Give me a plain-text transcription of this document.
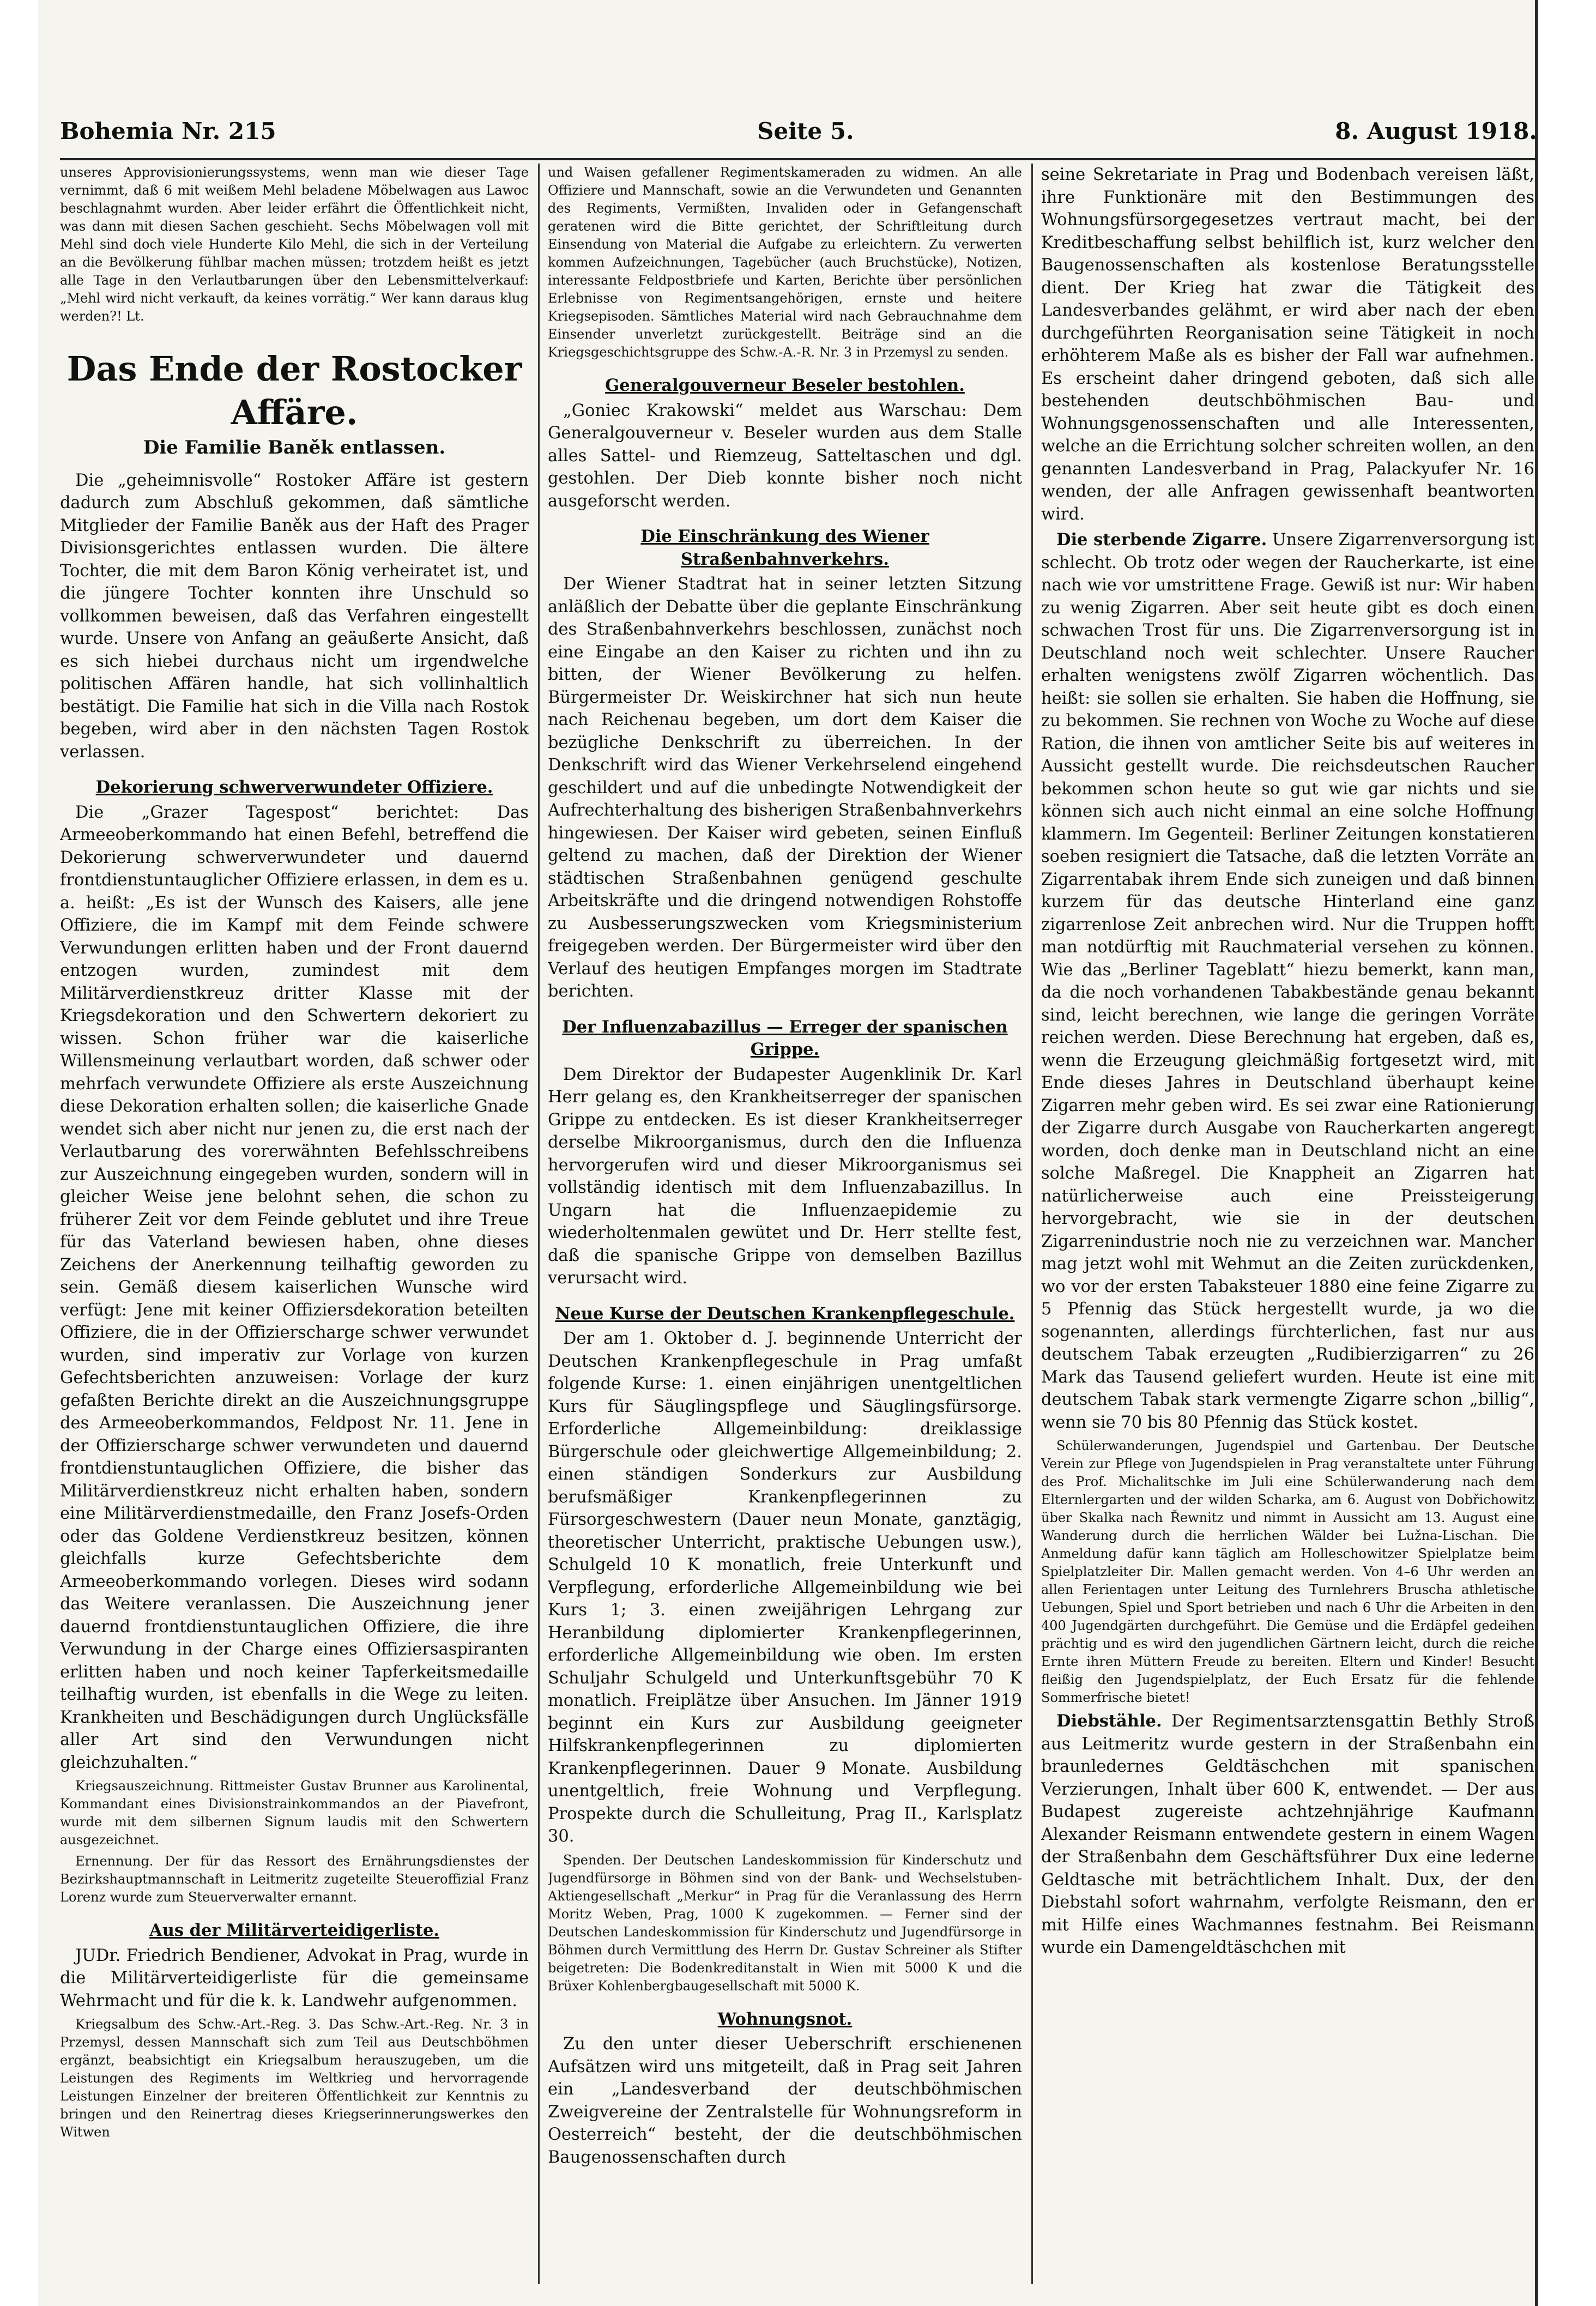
Bohemia Nr. 215	Seite 5.	8. August 1918.

unseres Approvisionierungssystems, wenn man wie dieser Tage vernimmt, daß 6 mit weißem Mehl beladene Möbelwagen aus Lawoc beschlagnahmt wurden. Aber leider erfährt die Öffentlichkeit nicht, was dann mit diesen Sachen geschieht. Sechs Möbelwagen voll mit Mehl sind doch viele Hunderte Kilo Mehl, die sich in der Verteilung an die Bevölkerung fühlbar machen müssen; trotzdem heißt es jetzt alle Tage in den Verlautbarungen über den Lebensmittelverkauf: „Mehl wird nicht verkauft, da keines vorrätig.“ Wer kann daraus klug werden?! Lt.

Das Ende der Rostocker Affäre.
Die Familie Baněk entlassen.

Die „geheimnisvolle“ Rostoker Affäre ist gestern dadurch zum Abschluß gekommen, daß sämtliche Mitglieder der Familie Baněk aus der Haft des Prager Divisionsgerichtes entlassen wurden. Die ältere Tochter, die mit dem Baron König verheiratet ist, und die jüngere Tochter konnten ihre Unschuld so vollkommen beweisen, daß das Verfahren eingestellt wurde. Unsere von Anfang an geäußerte Ansicht, daß es sich hiebei durchaus nicht um irgendwelche politischen Affären handle, hat sich vollinhaltlich bestätigt. Die Familie hat sich in die Villa nach Rostok begeben, wird aber in den nächsten Tagen Rostok verlassen.

Dekorierung schwerverwundeter Offiziere.

Die „Grazer Tagespost“ berichtet: Das Armeeoberkommando hat einen Befehl, betreffend die Dekorierung schwerverwundeter und dauernd frontdienstuntauglicher Offiziere erlassen, in dem es u. a. heißt: „Es ist der Wunsch des Kaisers, alle jene Offiziere, die im Kampf mit dem Feinde schwere Verwundungen erlitten haben und der Front dauernd entzogen wurden, zumindest mit dem Militärverdienstkreuz dritter Klasse mit der Kriegsdekoration und den Schwertern dekoriert zu wissen. Schon früher war die kaiserliche Willensmeinung verlautbart worden, daß schwer oder mehrfach verwundete Offiziere als erste Auszeichnung diese Dekoration erhalten sollen; die kaiserliche Gnade wendet sich aber nicht nur jenen zu, die erst nach der Verlautbarung des vorerwähnten Befehlsschreibens zur Auszeichnung eingegeben wurden, sondern will in gleicher Weise jene belohnt sehen, die schon zu früherer Zeit vor dem Feinde geblutet und ihre Treue für das Vaterland bewiesen haben, ohne dieses Zeichens der Anerkennung teilhaftig geworden zu sein. Gemäß diesem kaiserlichen Wunsche wird verfügt: Jene mit keiner Offiziersdekoration beteilten Offiziere, die in der Offizierscharge schwer verwundet wurden, sind imperativ zur Vorlage von kurzen Gefechtsberichten anzuweisen: Vorlage der kurz gefaßten Berichte direkt an die Auszeichnungsgruppe des Armeeoberkommandos, Feldpost Nr. 11. Jene in der Offizierscharge schwer verwundeten und dauernd frontdienstuntauglichen Offiziere, die bisher das Militärverdienstkreuz nicht erhalten haben, sondern eine Militärverdienstmedaille, den Franz Josefs-Orden oder das Goldene Verdienstkreuz besitzen, können gleichfalls kurze Gefechtsberichte dem Armeeoberkommando vorlegen. Dieses wird sodann das Weitere veranlassen. Die Auszeichnung jener dauernd frontdienstuntauglichen Offiziere, die ihre Verwundung in der Charge eines Offiziersaspiranten erlitten haben und noch keiner Tapferkeitsmedaille teilhaftig wurden, ist ebenfalls in die Wege zu leiten. Krankheiten und Beschädigungen durch Unglücksfälle aller Art sind den Verwundungen nicht gleichzuhalten.“

Kriegsauszeichnung. Rittmeister Gustav Brunner aus Karolinental, Kommandant eines Divisionstrainkommandos an der Piavefront, wurde mit dem silbernen Signum laudis mit den Schwertern ausgezeichnet.

Ernennung. Der für das Ressort des Ernährungsdienstes der Bezirkshauptmannschaft in Leitmeritz zugeteilte Steueroffizial Franz Lorenz wurde zum Steuerverwalter ernannt.

Aus der Militärverteidigerliste.

JUDr. Friedrich Bendiener, Advokat in Prag, wurde in die Militärverteidigerliste für die gemeinsame Wehrmacht und für die k. k. Landwehr aufgenommen.

Kriegsalbum des Schw.-Art.-Reg. 3. Das Schw.-Art.-Reg. Nr. 3 in Przemysl, dessen Mannschaft sich zum Teil aus Deutschböhmen ergänzt, beabsichtigt ein Kriegsalbum herauszugeben, um die Leistungen des Regiments im Weltkrieg und hervorragende Leistungen Einzelner der breiteren Öffentlichkeit zur Kenntnis zu bringen und den Reinertrag dieses Kriegserinnerungswerkes den Witwen

und Waisen gefallener Regimentskameraden zu widmen. An alle Offiziere und Mannschaft, sowie an die Verwundeten und Genannten des Regiments, Vermißten, Invaliden oder in Gefangenschaft geratenen wird die Bitte gerichtet, der Schriftleitung durch Einsendung von Material die Aufgabe zu erleichtern. Zu verwerten kommen Aufzeichnungen, Tagebücher (auch Bruchstücke), Notizen, interessante Feldpostbriefe und Karten, Berichte über persönlichen Erlebnisse von Regimentsangehörigen, ernste und heitere Kriegsepisoden. Sämtliches Material wird nach Gebrauchnahme dem Einsender unverletzt zurückgestellt. Beiträge sind an die Kriegsgeschichtsgruppe des Schw.-A.-R. Nr. 3 in Przemysl zu senden.

Generalgouverneur Beseler bestohlen.

„Goniec Krakowski“ meldet aus Warschau: Dem Generalgouverneur v. Beseler wurden aus dem Stalle alles Sattel- und Riemzeug, Satteltaschen und dgl. gestohlen. Der Dieb konnte bisher noch nicht ausgeforscht werden.

Die Einschränkung des Wiener Straßenbahnverkehrs.

Der Wiener Stadtrat hat in seiner letzten Sitzung anläßlich der Debatte über die geplante Einschränkung des Straßenbahnverkehrs beschlossen, zunächst noch eine Eingabe an den Kaiser zu richten und ihn zu bitten, der Wiener Bevölkerung zu helfen. Bürgermeister Dr. Weiskirchner hat sich nun heute nach Reichenau begeben, um dort dem Kaiser die bezügliche Denkschrift zu überreichen. In der Denkschrift wird das Wiener Verkehrselend eingehend geschildert und auf die unbedingte Notwendigkeit der Aufrechterhaltung des bisherigen Straßenbahnverkehrs hingewiesen. Der Kaiser wird gebeten, seinen Einfluß geltend zu machen, daß der Direktion der Wiener städtischen Straßenbahnen genügend geschulte Arbeitskräfte und die dringend notwendigen Rohstoffe zu Ausbesserungszwecken vom Kriegsministerium freigegeben werden. Der Bürgermeister wird über den Verlauf des heutigen Empfanges morgen im Stadtrate berichten.

Der Influenzabazillus — Erreger der spanischen Grippe.

Dem Direktor der Budapester Augenklinik Dr. Karl Herr gelang es, den Krankheitserreger der spanischen Grippe zu entdecken. Es ist dieser Krankheitserreger derselbe Mikroorganismus, durch den die Influenza hervorgerufen wird und dieser Mikroorganismus sei vollständig identisch mit dem Influenzabazillus. In Ungarn hat die Influenzaepidemie zu wiederholtenmalen gewütet und Dr. Herr stellte fest, daß die spanische Grippe von demselben Bazillus verursacht wird.

Neue Kurse der Deutschen Krankenpflegeschule.

Der am 1. Oktober d. J. beginnende Unterricht der Deutschen Krankenpflegeschule in Prag umfaßt folgende Kurse: 1. einen einjährigen unentgeltlichen Kurs für Säuglingspflege und Säuglingsfürsorge. Erforderliche Allgemeinbildung: dreiklassige Bürgerschule oder gleichwertige Allgemeinbildung; 2. einen ständigen Sonderkurs zur Ausbildung berufsmäßiger Krankenpflegerinnen zu Fürsorgeschwestern (Dauer neun Monate, ganztägig, theoretischer Unterricht, praktische Uebungen usw.), Schulgeld 10 K monatlich, freie Unterkunft und Verpflegung, erforderliche Allgemeinbildung wie bei Kurs 1; 3. einen zweijährigen Lehrgang zur Heranbildung diplomierter Krankenpflegerinnen, erforderliche Allgemeinbildung wie oben. Im ersten Schuljahr Schulgeld und Unterkunftsgebühr 70 K monatlich. Freiplätze über Ansuchen. Im Jänner 1919 beginnt ein Kurs zur Ausbildung geeigneter Hilfskrankenpflegerinnen zu diplomierten Krankenpflegerinnen. Dauer 9 Monate. Ausbildung unentgeltlich, freie Wohnung und Verpflegung. Prospekte durch die Schulleitung, Prag II., Karlsplatz 30.

Spenden. Der Deutschen Landeskommission für Kinderschutz und Jugendfürsorge in Böhmen sind von der Bank- und Wechselstuben-Aktiengesellschaft „Merkur“ in Prag für die Veranlassung des Herrn Moritz Weben, Prag, 1000 K zugekommen. — Ferner sind der Deutschen Landeskommission für Kinderschutz und Jugendfürsorge in Böhmen durch Vermittlung des Herrn Dr. Gustav Schreiner als Stifter beigetreten: Die Bodenkreditanstalt in Wien mit 5000 K und die Brüxer Kohlenbergbaugesellschaft mit 5000 K.

Wohnungsnot.

Zu den unter dieser Ueberschrift erschienenen Aufsätzen wird uns mitgeteilt, daß in Prag seit Jahren ein „Landesverband der deutschböhmischen Zweigvereine der Zentralstelle für Wohnungsreform in Oesterreich“ besteht, der die deutschböhmischen Baugenossenschaften durch

seine Sekretariate in Prag und Bodenbach vereisen läßt, ihre Funktionäre mit den Bestimmungen des Wohnungsfürsorgegesetzes vertraut macht, bei der Kreditbeschaffung selbst behilflich ist, kurz welcher den Baugenossenschaften als kostenlose Beratungsstelle dient. Der Krieg hat zwar die Tätigkeit des Landesverbandes gelähmt, er wird aber nach der eben durchgeführten Reorganisation seine Tätigkeit in noch erhöhterem Maße als es bisher der Fall war aufnehmen. Es erscheint daher dringend geboten, daß sich alle bestehenden deutschböhmischen Bau- und Wohnungsgenossenschaften und alle Interessenten, welche an die Errichtung solcher schreiten wollen, an den genannten Landesverband in Prag, Palackyufer Nr. 16 wenden, der alle Anfragen gewissenhaft beantworten wird.

Die sterbende Zigarre. Unsere Zigarrenversorgung ist schlecht. Ob trotz oder wegen der Raucherkarte, ist eine nach wie vor umstrittene Frage. Gewiß ist nur: Wir haben zu wenig Zigarren. Aber seit heute gibt es doch einen schwachen Trost für uns. Die Zigarrenversorgung ist in Deutschland noch weit schlechter. Unsere Raucher erhalten wenigstens zwölf Zigarren wöchentlich. Das heißt: sie sollen sie erhalten. Sie haben die Hoffnung, sie zu bekommen. Sie rechnen von Woche zu Woche auf diese Ration, die ihnen von amtlicher Seite bis auf weiteres in Aussicht gestellt wurde. Die reichsdeutschen Raucher bekommen schon heute so gut wie gar nichts und sie können sich auch nicht einmal an eine solche Hoffnung klammern. Im Gegenteil: Berliner Zeitungen konstatieren soeben resigniert die Tatsache, daß die letzten Vorräte an Zigarrentabak ihrem Ende sich zuneigen und daß binnen kurzem für das deutsche Hinterland eine ganz zigarrenlose Zeit anbrechen wird. Nur die Truppen hofft man notdürftig mit Rauchmaterial versehen zu können. Wie das „Berliner Tageblatt“ hiezu bemerkt, kann man, da die noch vorhandenen Tabakbestände genau bekannt sind, leicht berechnen, wie lange die geringen Vorräte reichen werden. Diese Berechnung hat ergeben, daß es, wenn die Erzeugung gleichmäßig fortgesetzt wird, mit Ende dieses Jahres in Deutschland überhaupt keine Zigarren mehr geben wird. Es sei zwar eine Rationierung der Zigarre durch Ausgabe von Raucherkarten angeregt worden, doch denke man in Deutschland nicht an eine solche Maßregel. Die Knappheit an Zigarren hat natürlicherweise auch eine Preissteigerung hervorgebracht, wie sie in der deutschen Zigarrenindustrie noch nie zu verzeichnen war. Mancher mag jetzt wohl mit Wehmut an die Zeiten zurückdenken, wo vor der ersten Tabaksteuer 1880 eine feine Zigarre zu 5 Pfennig das Stück hergestellt wurde, ja wo die sogenannten, allerdings fürchterlichen, fast nur aus deutschem Tabak erzeugten „Rudibierzigarren“ zu 26 Mark das Tausend geliefert wurden. Heute ist eine mit deutschem Tabak stark vermengte Zigarre schon „billig“, wenn sie 70 bis 80 Pfennig das Stück kostet.

Schülerwanderungen, Jugendspiel und Gartenbau. Der Deutsche Verein zur Pflege von Jugendspielen in Prag veranstaltete unter Führung des Prof. Michalitschke im Juli eine Schülerwanderung nach dem Elternlergarten und der wilden Scharka, am 6. August von Dobřichowitz über Skalka nach Řewnitz und nimmt in Aussicht am 13. August eine Wanderung durch die herrlichen Wälder bei Lužna-Lischan. Die Anmeldung dafür kann täglich am Holleschowitzer Spielplatze beim Spielplatzleiter Dir. Mallen gemacht werden. Von 4–6 Uhr werden an allen Ferientagen unter Leitung des Turnlehrers Bruscha athletische Uebungen, Spiel und Sport betrieben und nach 6 Uhr die Arbeiten in den 400 Jugendgärten durchgeführt. Die Gemüse und die Erdäpfel gedeihen prächtig und es wird den jugendlichen Gärtnern leicht, durch die reiche Ernte ihren Müttern Freude zu bereiten. Eltern und Kinder! Besucht fleißig den Jugendspielplatz, der Euch Ersatz für die fehlende Sommerfrische bietet!

Diebstähle. Der Regimentsarztensgattin Bethly Stroß aus Leitmeritz wurde gestern in der Straßenbahn ein braunledernes Geldtäschchen mit spanischen Verzierungen, Inhalt über 600 K, entwendet. — Der aus Budapest zugereiste achtzehnjährige Kaufmann Alexander Reismann entwendete gestern in einem Wagen der Straßenbahn dem Geschäftsführer Dux eine lederne Geldtasche mit beträchtlichem Inhalt. Dux, der den Diebstahl sofort wahrnahm, verfolgte Reismann, den er mit Hilfe eines Wachmannes festnahm. Bei Reismann wurde ein Damengeldtäschchen mit
